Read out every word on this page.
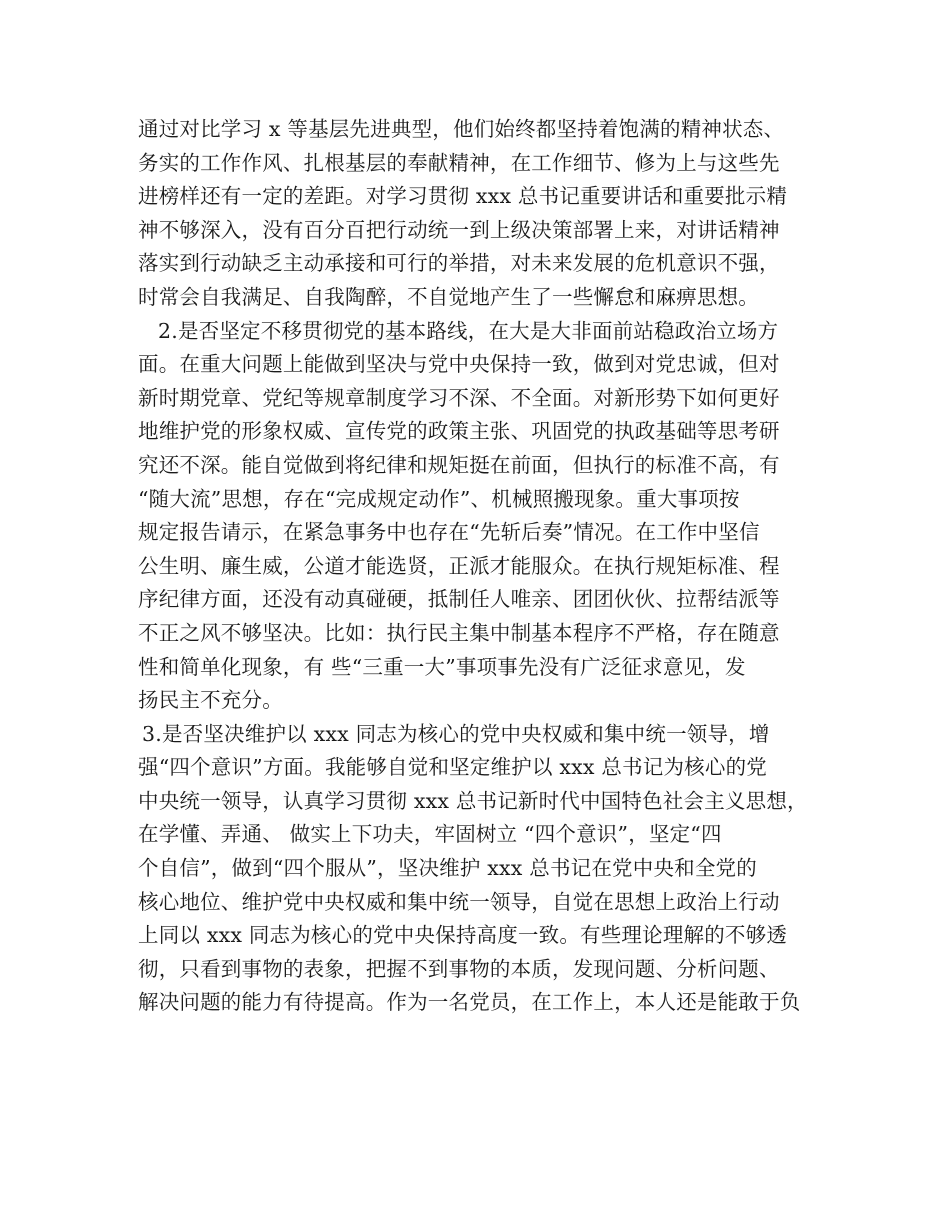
通过对比学习 x 等基层先进典型，他们始终都坚持着饱满的精神状态、
务实的工作作风、扎根基层的奉献精神，在工作细节、修为上与这些先
进榜样还有一定的差距。对学习贯彻 xxx 总书记重要讲话和重要批示精
神不够深入，没有百分百把行动统一到上级决策部署上来，对讲话精神
落实到行动缺乏主动承接和可行的举措，对未来发展的危机意识不强，
时常会自我满足、自我陶醉，不自觉地产生了一些懈怠和麻痹思想。
2.是否坚定不移贯彻党的基本路线，在大是大非面前站稳政治立场方
面。在重大问题上能做到坚决与党中央保持一致，做到对党忠诚，但对
新时期党章、党纪等规章制度学习不深、不全面。对新形势下如何更好
地维护党的形象权威、宣传党的政策主张、巩固党的执政基础等思考研
究还不深。能自觉做到将纪律和规矩挺在前面，但执行的标准不高，有
“随大流”思想，存在“完成规定动作”、机械照搬现象。重大事项按
规定报告请示，在紧急事务中也存在“先斩后奏”情况。在工作中坚信
公生明、廉生威，公道才能选贤，正派才能服众。在执行规矩标准、程
序纪律方面，还没有动真碰硬，抵制任人唯亲、团团伙伙、拉帮结派等
不正之风不够坚决。比如：执行民主集中制基本程序不严格，存在随意
性和简单化现象，有 些“三重一大”事项事先没有广泛征求意见，发
扬民主不充分。
3.是否坚决维护以 xxx 同志为核心的党中央权威和集中统一领导，增
强“四个意识”方面。我能够自觉和坚定维护以 xxx 总书记为核心的党
中央统一领导，认真学习贯彻 xxx 总书记新时代中国特色社会主义思想，
在学懂、弄通、 做实上下功夫，牢固树立 “四个意识”，坚定“四
个自信”，做到“四个服从”，坚决维护 xxx 总书记在党中央和全党的
核心地位、维护党中央权威和集中统一领导，自觉在思想上政治上行动
上同以 xxx 同志为核心的党中央保持高度一致。有些理论理解的不够透
彻，只看到事物的表象，把握不到事物的本质，发现问题、分析问题、
解决问题的能力有待提高。作为一名党员，在工作上，本人还是能敢于负
